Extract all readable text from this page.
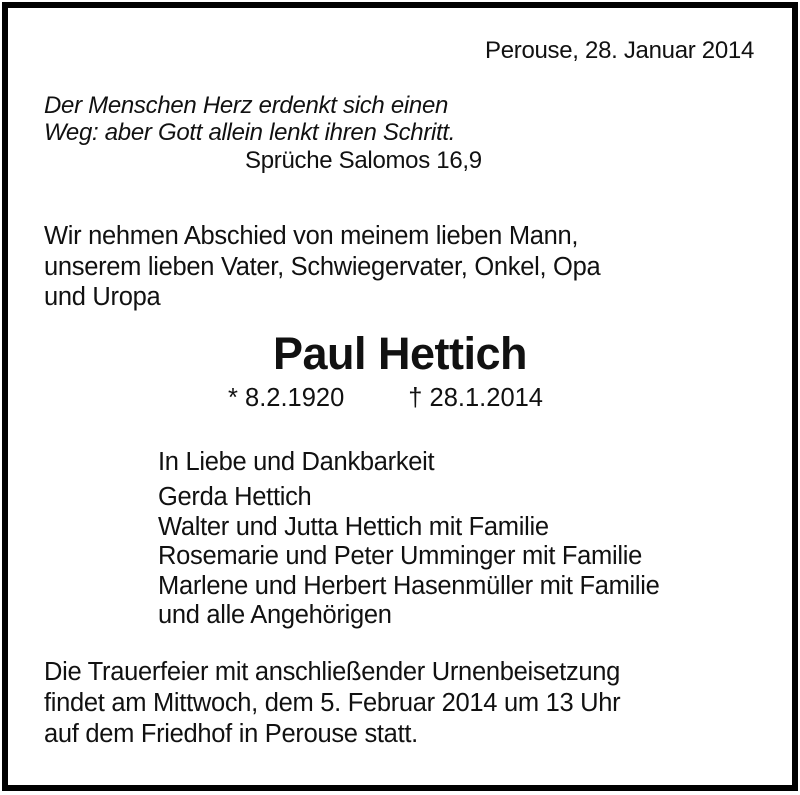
Perouse, 28. Januar 2014
Der Menschen Herz erdenkt sich einen
Weg: aber Gott allein lenkt ihren Schritt.
Sprüche Salomos 16,9
Wir nehmen Abschied von meinem lieben Mann,
unserem lieben Vater, Schwiegervater, Onkel, Opa
und Uropa
Paul Hettich
* 8.2.1920	† 28.1.2014
In Liebe und Dankbarkeit
Gerda Hettich
Walter und Jutta Hettich mit Familie
Rosemarie und Peter Umminger mit Familie
Marlene und Herbert Hasenmüller mit Familie
und alle Angehörigen
Die Trauerfeier mit anschließender Urnenbeisetzung
findet am Mittwoch, dem 5. Februar 2014 um 13 Uhr
auf dem Friedhof in Perouse statt.
